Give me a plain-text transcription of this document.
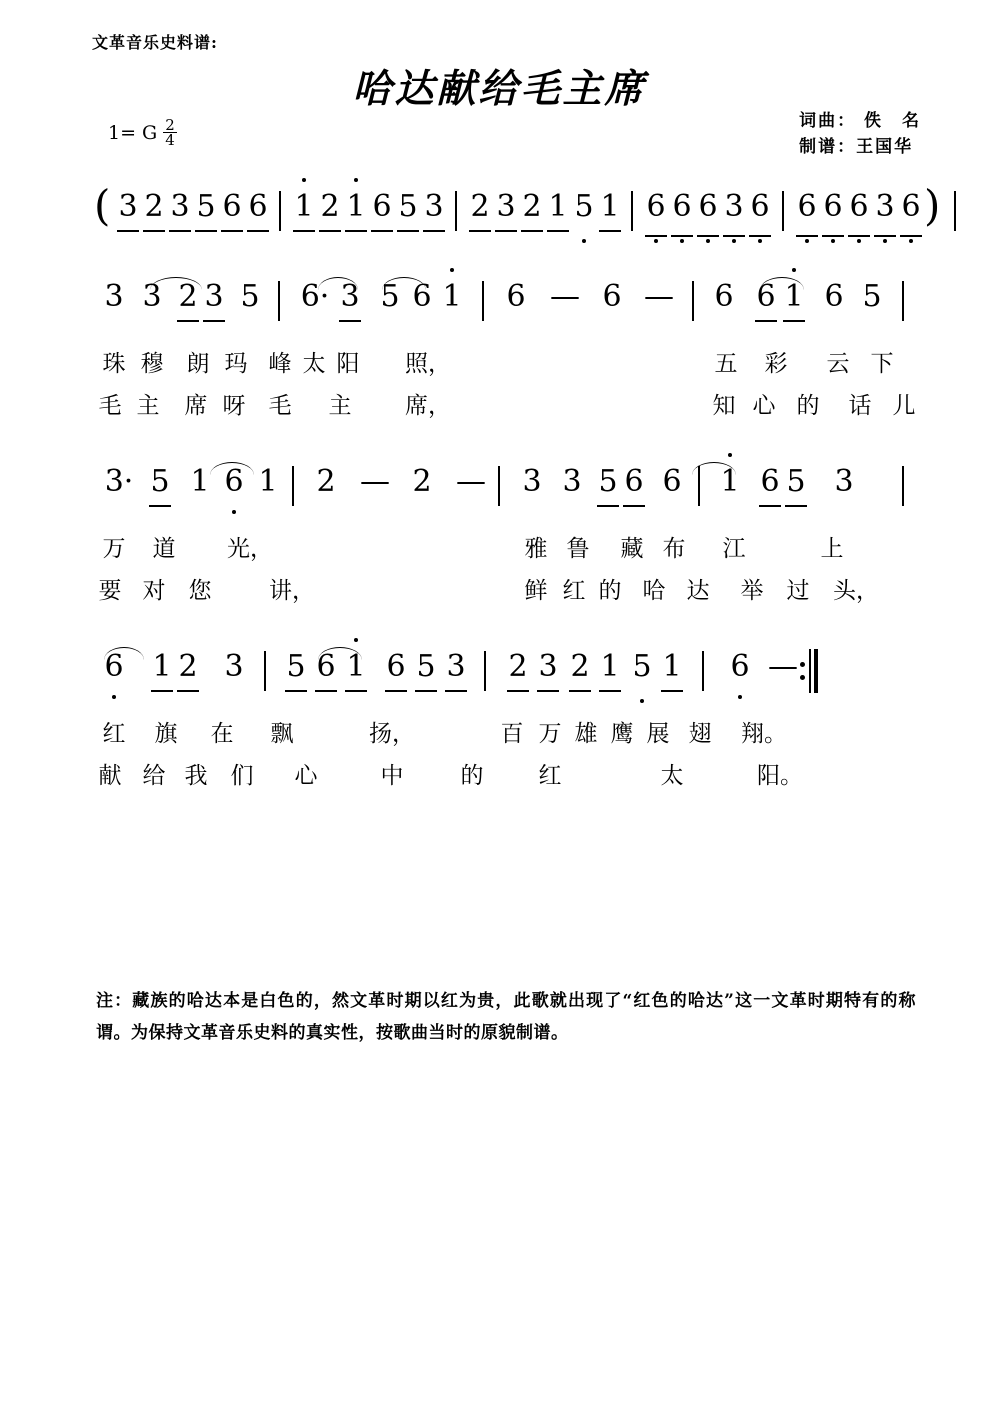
文革音乐史料谱:
哈达献给毛主席
词曲： 佚　名
制谱：王国华
1= G $\frac{2}{4}$
( 3 2 3 5 6 6 1 2 1 6 5 3 2 3 2 1 5 1 6 6 6 3 6 6 6 6 3 6 )
3 3 2 3 5 6· 3 5 6 1 6 — 6 — 6 6 1 6 5
珠 穆 朗 玛 峰 太 阳 照，	五 彩 云 下
毛 主 席 呀 毛 主 席，	知 心 的 话 儿
3· 5 1 6 1 2 — 2 — 3 3 5 6 6 1 6 5 3
万 道 光，	雅 鲁 藏 布 江	上
要 对 您	讲，	鲜 红 的 哈 达 举 过 头，
6 1 2 3 5 6 1 6 5 3 2 3 2 1 5 1 6 —
红 旗 在 飘	扬，	百 万 雄 鹰 展 翅 翔。
献 给 我 们 心	中 的 红	太	阳。
注：藏族的哈达本是白色的，然文革时期以红为贵，此歌就出现了“红色的哈达”这一文革时期特有的称谓。为保持文革音乐史料的真实性，按歌曲当时的原貌制谱。
